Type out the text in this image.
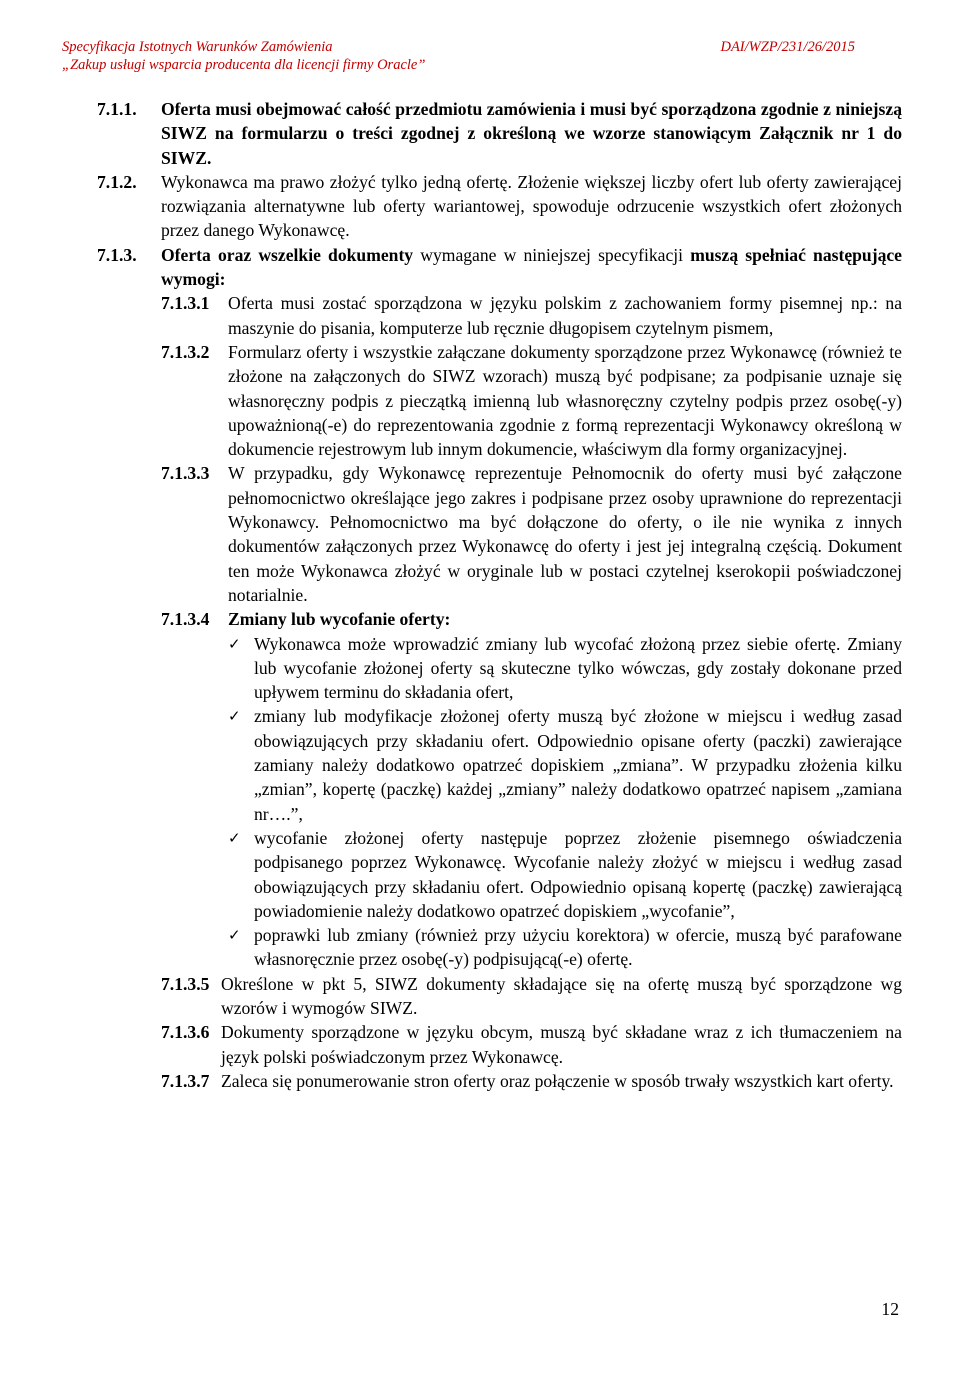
Specyfikacja Istotnych Warunków Zamówienia
„Zakup usługi wsparcia producenta dla licencji firmy Oracle”
DAI/WZP/231/26/2015
7.1.1. Oferta musi obejmować całość przedmiotu zamówienia i musi być sporządzona zgodnie z niniejszą SIWZ na formularzu o treści zgodnej z określoną we wzorze stanowiącym Załącznik nr 1 do SIWZ.
7.1.2. Wykonawca ma prawo złożyć tylko jedną ofertę. Złożenie większej liczby ofert lub oferty zawierającej rozwiązania alternatywne lub oferty wariantowej, spowoduje odrzucenie wszystkich ofert złożonych przez danego Wykonawcę.
7.1.3. Oferta oraz wszelkie dokumenty wymagane w niniejszej specyfikacji muszą spełniać następujące wymogi:
7.1.3.1 Oferta musi zostać sporządzona w języku polskim z zachowaniem formy pisemnej np.: na maszynie do pisania, komputerze lub ręcznie długopisem czytelnym pismem,
7.1.3.2 Formularz oferty i wszystkie załączane dokumenty sporządzone przez Wykonawcę (również te złożone na załączonych do SIWZ wzorach) muszą być podpisane; za podpisanie uznaje się własnoręczny podpis z pieczątką imienną lub własnoręczny czytelny podpis przez osobę(-y) upoważnioną(-e) do reprezentowania zgodnie z formą reprezentacji Wykonawcy określoną w dokumencie rejestrowym lub innym dokumencie, właściwym dla formy organizacyjnej.
7.1.3.3 W przypadku, gdy Wykonawcę reprezentuje Pełnomocnik do oferty musi być załączone pełnomocnictwo określające jego zakres i podpisane przez osoby uprawnione do reprezentacji Wykonawcy. Pełnomocnictwo ma być dołączone do oferty, o ile nie wynika z innych dokumentów załączonych przez Wykonawcę do oferty i jest jej integralną częścią. Dokument ten może Wykonawca złożyć w oryginale lub w postaci czytelnej kserokopii poświadczonej notarialnie.
7.1.3.4 Zmiany lub wycofanie oferty:
✓ Wykonawca może wprowadzić zmiany lub wycofać złożoną przez siebie ofertę. Zmiany lub wycofanie złożonej oferty są skuteczne tylko wówczas, gdy zostały dokonane przed upływem terminu do składania ofert,
✓ zmiany lub modyfikacje złożonej oferty muszą być złożone w miejscu i według zasad obowiązujących przy składaniu ofert. Odpowiednio opisane oferty (paczki) zawierające zamiany należy dodatkowo opatrzeć dopiskiem „zmiana”. W przypadku złożenia kilku „zmian”, kopertę (paczkę) każdej „zmiany” należy dodatkowo opatrzeć napisem „zamiana nr….”,
✓ wycofanie złożonej oferty następuje poprzez złożenie pisemnego oświadczenia podpisanego poprzez Wykonawcę. Wycofanie należy złożyć w miejscu i według zasad obowiązujących przy składaniu ofert. Odpowiednio opisaną kopertę (paczkę) zawierającą powiadomienie należy dodatkowo opatrzeć dopiskiem „wycofanie”,
✓ poprawki lub zmiany (również przy użyciu korektora) w ofercie, muszą być parafowane własnoręcznie przez osobę(-y) podpisującą(-e) ofertę.
7.1.3.5 Określone w pkt 5, SIWZ dokumenty składające się na ofertę muszą być sporządzone wg wzorów i wymogów SIWZ.
7.1.3.6 Dokumenty sporządzone w języku obcym, muszą być składane wraz z ich tłumaczeniem na język polski poświadczonym przez Wykonawcę.
7.1.3.7 Zaleca się ponumerowanie stron oferty oraz połączenie w sposób trwały wszystkich kart oferty.
12
